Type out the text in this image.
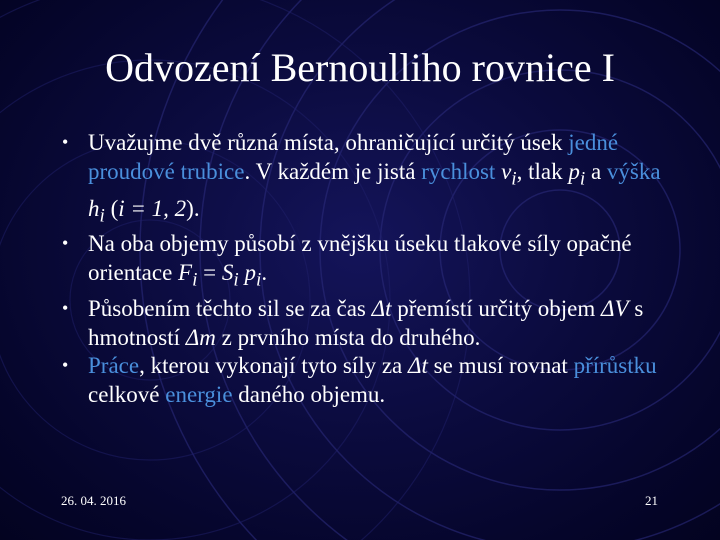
Odvození Bernoulliho rovnice I
• Uvažujme dvě různá místa, ohraničující určitý úsek jedné proudové trubice. V každém je jistá rychlost $v_i$, tlak $p_i$ a výška $h_i$ (i = 1, 2).
• Na oba objemy působí z vnějšku úseku tlakové síly opačné orientace $F_i = S_i$ $p_i$.
• Působením těchto sil se za čas Δt přemístí určitý objem ΔV s hmotností Δm z prvního místa do druhého.
• Práce, kterou vykonají tyto síly za Δt se musí rovnat přírůstku celkové energie daného objemu.
26. 04. 2016	21
